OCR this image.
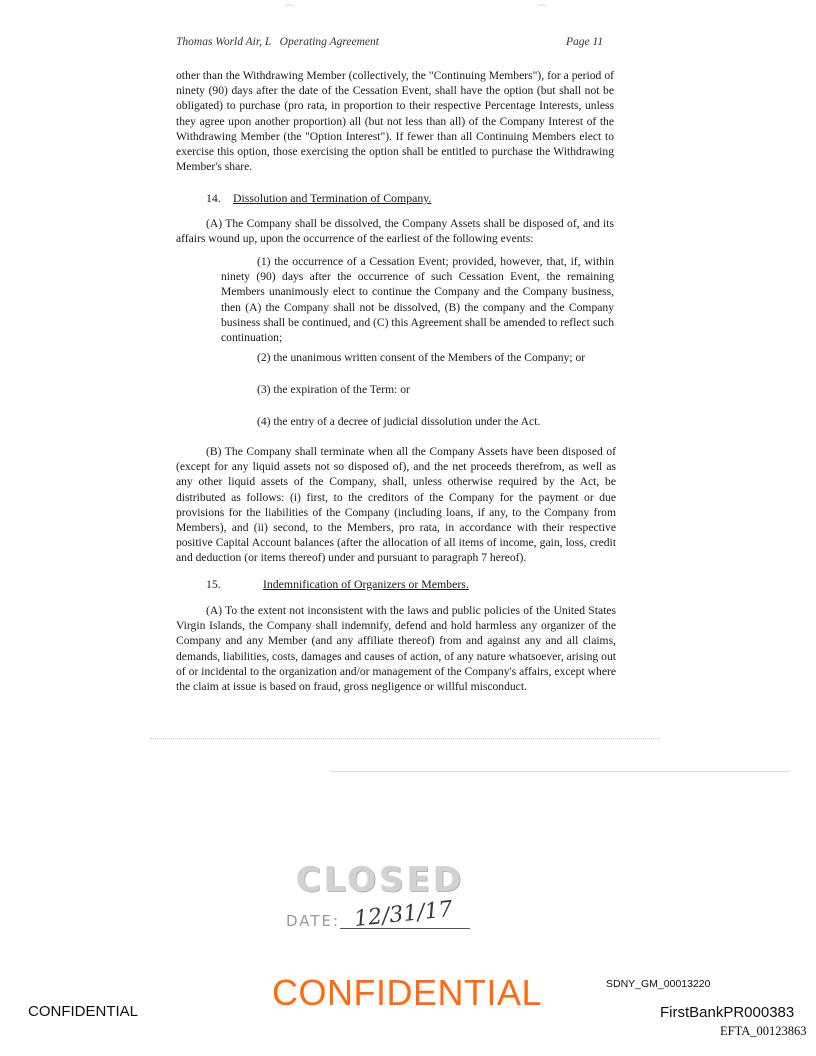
⌒	⌒
Thomas World Air, L   Operating Agreement	Page 11
other than the Withdrawing Member (collectively, the "Continuing Members"), for a period of ninety (90) days after the date of the Cessation Event, shall have the option (but shall not be obligated) to purchase (pro rata, in proportion to their respective Percentage Interests, unless they agree upon another proportion) all (but not less than all) of the Company Interest of the Withdrawing Member (the "Option Interest"). If fewer than all Continuing Members elect to exercise this option, those exercising the option shall be entitled to purchase the Withdrawing Member's share.
14. Dissolution and Termination of Company.
(A) The Company shall be dissolved, the Company Assets shall be disposed of, and its affairs wound up, upon the occurrence of the earliest of the following events:
(1) the occurrence of a Cessation Event; provided, however, that, if, within ninety (90) days after the occurrence of such Cessation Event, the remaining Members unanimously elect to continue the Company and the Company business, then (A) the Company shall not be dissolved, (B) the company and the Company business shall be continued, and (C) this Agreement shall be amended to reflect such continuation;
(2) the unanimous written consent of the Members of the Company; or
(3) the expiration of the Term: or
(4) the entry of a decree of judicial dissolution under the Act.
(B) The Company shall terminate when all the Company Assets have been disposed of (except for any liquid assets not so disposed of), and the net proceeds therefrom, as well as any other liquid assets of the Company, shall, unless otherwise required by the Act, be distributed as follows: (i) first, to the creditors of the Company for the payment or due provisions for the liabilities of the Company (including loans, if any, to the Company from Members), and (ii) second, to the Members, pro rata, in accordance with their respective positive Capital Account balances (after the allocation of all items of income, gain, loss, credit and deduction (or items thereof) under and pursuant to paragraph 7 hereof).
15.	Indemnification of Organizers or Members.
(A) To the extent not inconsistent with the laws and public policies of the United States Virgin Islands, the Company shall indemnify, defend and hold harmless any organizer of the Company and any Member (and any affiliate thereof) from and against any and all claims, demands, liabilities, costs, damages and causes of action, of any nature whatsoever, arising out of or incidental to the organization and/or management of the Company's affairs, except where the claim at issue is based on fraud, gross negligence or willful misconduct.
CLOSED
DATE: 12/31/17
CONFIDENTIAL	CONFIDENTIAL	SDNY_GM_00013220
FirstBankPR000383
EFTA_00123863
